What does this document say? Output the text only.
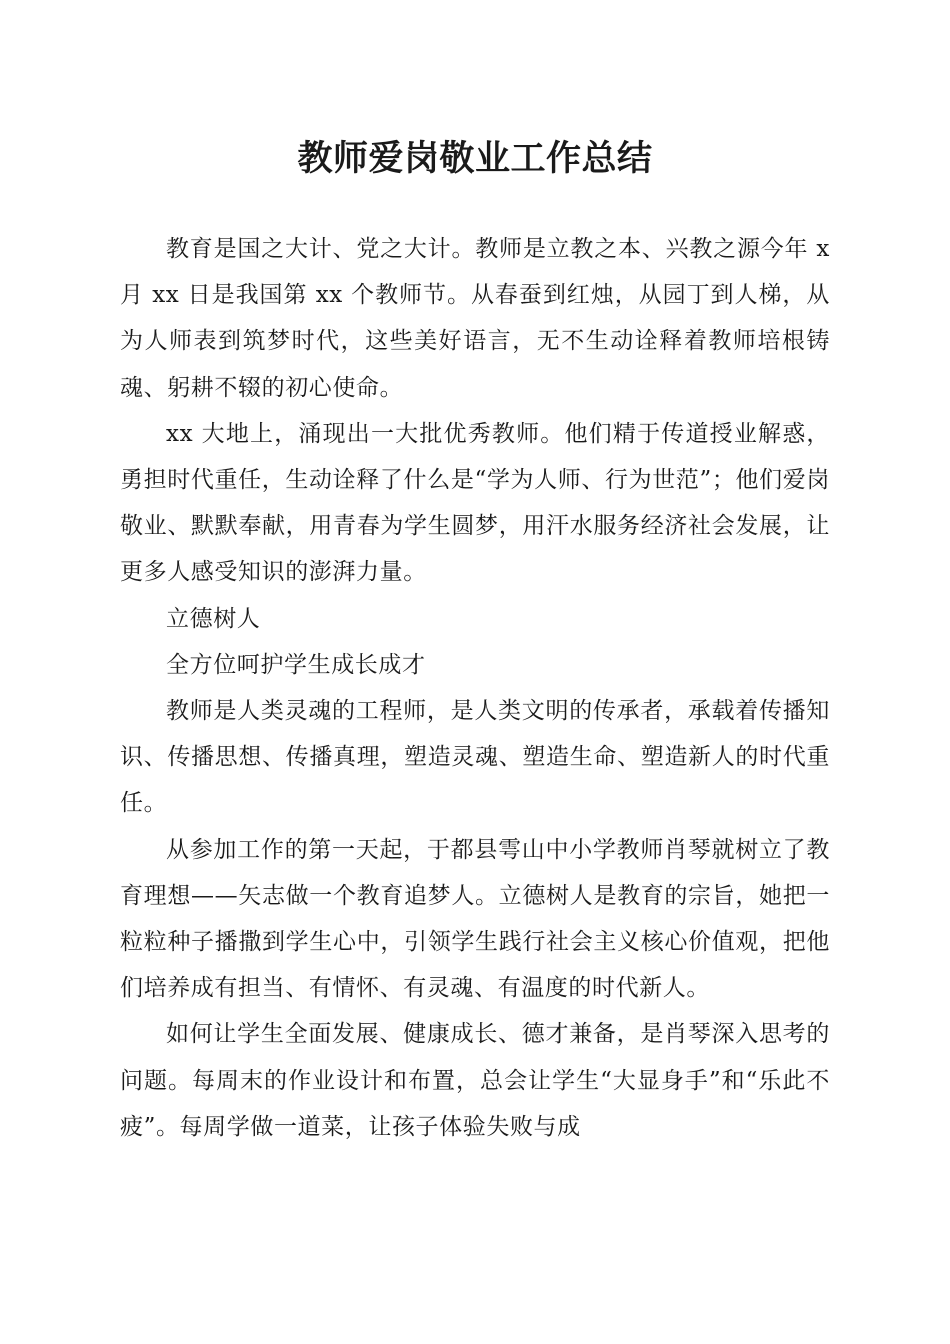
教师爱岗敬业工作总结

教育是国之大计、党之大计。教师是立教之本、兴教之源今年 x 月 xx 日是我国第 xx 个教师节。从春蚕到红烛，从园丁到人梯，从为人师表到筑梦时代，这些美好语言，无不生动诠释着教师培根铸魂、躬耕不辍的初心使命。

xx 大地上，涌现出一大批优秀教师。他们精于传道授业解惑，勇担时代重任，生动诠释了什么是“学为人师、行为世范”；他们爱岗敬业、默默奉献，用青春为学生圆梦，用汗水服务经济社会发展，让更多人感受知识的澎湃力量。

立德树人

全方位呵护学生成长成才

教师是人类灵魂的工程师，是人类文明的传承者，承载着传播知识、传播思想、传播真理，塑造灵魂、塑造生命、塑造新人的时代重任。

从参加工作的第一天起，于都县雩山中小学教师肖琴就树立了教育理想——矢志做一个教育追梦人。立德树人是教育的宗旨，她把一粒粒种子播撒到学生心中，引领学生践行社会主义核心价值观，把他们培养成有担当、有情怀、有灵魂、有温度的时代新人。

如何让学生全面发展、健康成长、德才兼备，是肖琴深入思考的问题。每周末的作业设计和布置，总会让学生“大显身手”和“乐此不疲”。每周学做一道菜，让孩子体验失败与成
